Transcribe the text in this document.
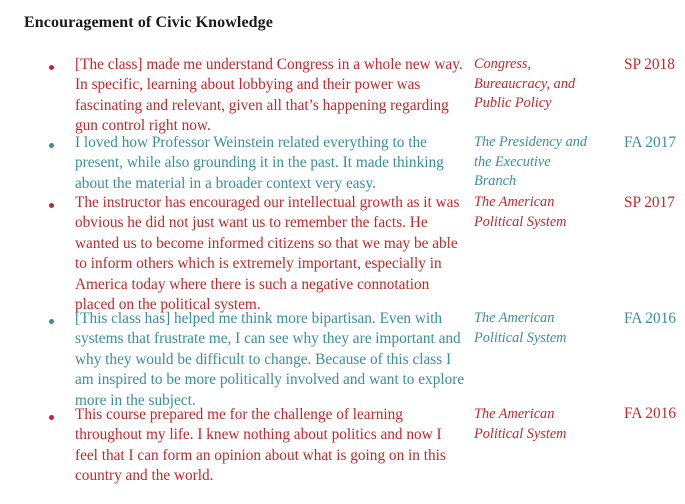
Encouragement of Civic Knowledge
[The class] made me understand Congress in a whole new way. In specific, learning about lobbying and their power was fascinating and relevant, given all that’s happening regarding gun control right now.
Congress, Bureaucracy, and Public Policy
SP 2018
I loved how Professor Weinstein related everything to the present, while also grounding it in the past. It made thinking about the material in a broader context very easy.
The Presidency and the Executive Branch
FA 2017
The instructor has encouraged our intellectual growth as it was obvious he did not just want us to remember the facts. He wanted us to become informed citizens so that we may be able to inform others which is extremely important, especially in America today where there is such a negative connotation placed on the political system.
The American Political System
SP 2017
[This class has] helped me think more bipartisan. Even with systems that frustrate me, I can see why they are important and why they would be difficult to change. Because of this class I am inspired to be more politically involved and want to explore more in the subject.
The American Political System
FA 2016
This course prepared me for the challenge of learning throughout my life. I knew nothing about politics and now I feel that I can form an opinion about what is going on in this country and the world.
The American Political System
FA 2016
